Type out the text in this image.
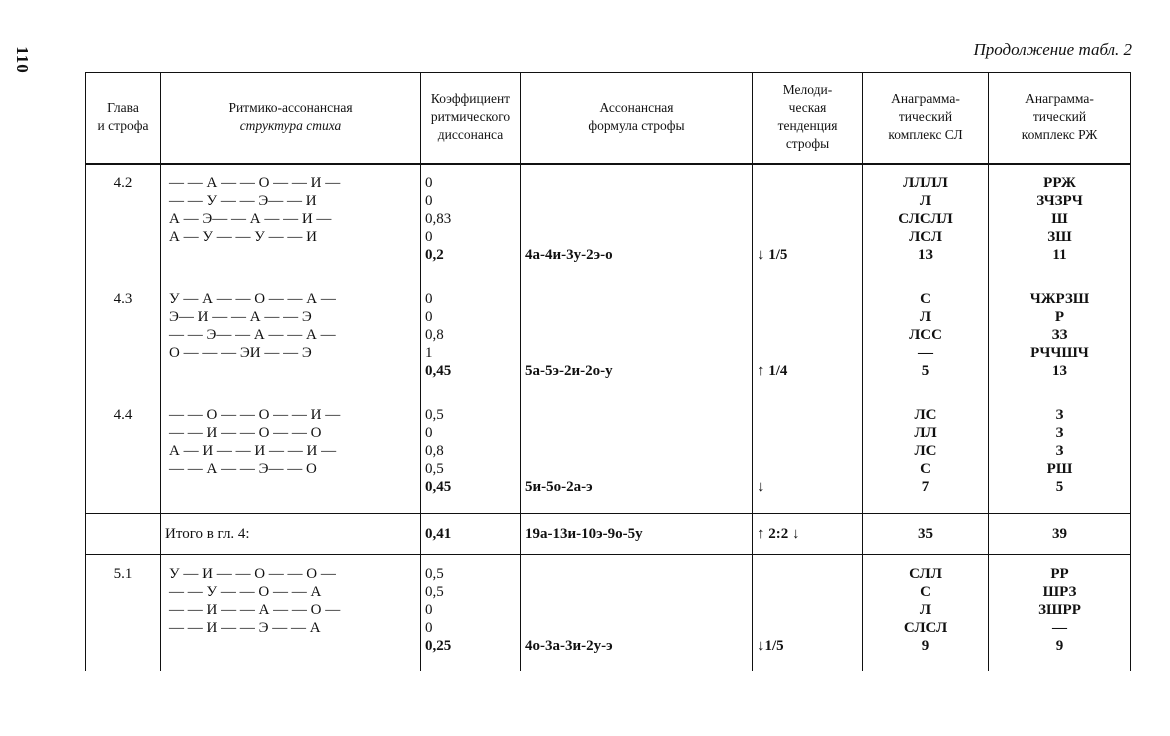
110	Продолжение табл. 2
Глава
и строфа	Ритмико-ассонансная
структура стиха	Коэффициент
ритмического
диссонанса	Ассонансная
формула строфы	Мелоди-
ческая
тенденция
строфы	Анаграмма-
тический
комплекс СЛ	Анаграмма-
тический
комплекс РЖ

4.2	— — А — — О — — И —
— — У — — Э— — И
А — Э— — А — — И —
А — У — — У — — И	0
0
0,83
0
0,2	4а-4и-3у-2э-о	↓ 1/5	ЛЛЛЛ
Л
СЛСЛЛ
ЛСЛ
13	РРЖ
ЗЧЗРЧ
Ш
ЗШ
11

4.3	У — А — — О — — А —
Э— И — — А — — Э
— — Э— — А — — А —
О — — — ЭИ — — Э	0
0
0,8
1
0,45	5а-5э-2и-2о-у	↑ 1/4	С
Л
ЛСС
—
5	ЧЖРЗШ
Р
ЗЗ
РЧЧШЧ
13

4.4	— — О — — О — — И —
— — И — — О — — О
А — И — — И — — И —
— — А — — Э— — О	0,5
0
0,8
0,5
0,45	5и-5о-2а-э	↓	ЛС
ЛЛ
ЛС
С
7	З
З
З
РШ
5

	Итого в гл. 4:	0,41	19а-13и-10э-9о-5у	↑ 2:2 ↓	35	39

5.1	У — И — — О — — О —
— — У — — О — — А
— — И — — А — — О —
— — И — — Э — — А	0,5
0,5
0
0
0,25	4о-3а-3и-2у-э	↓1/5	СЛЛ
С
Л
СЛСЛ
9	РР
ШРЗ
ЗШРР
—
9
